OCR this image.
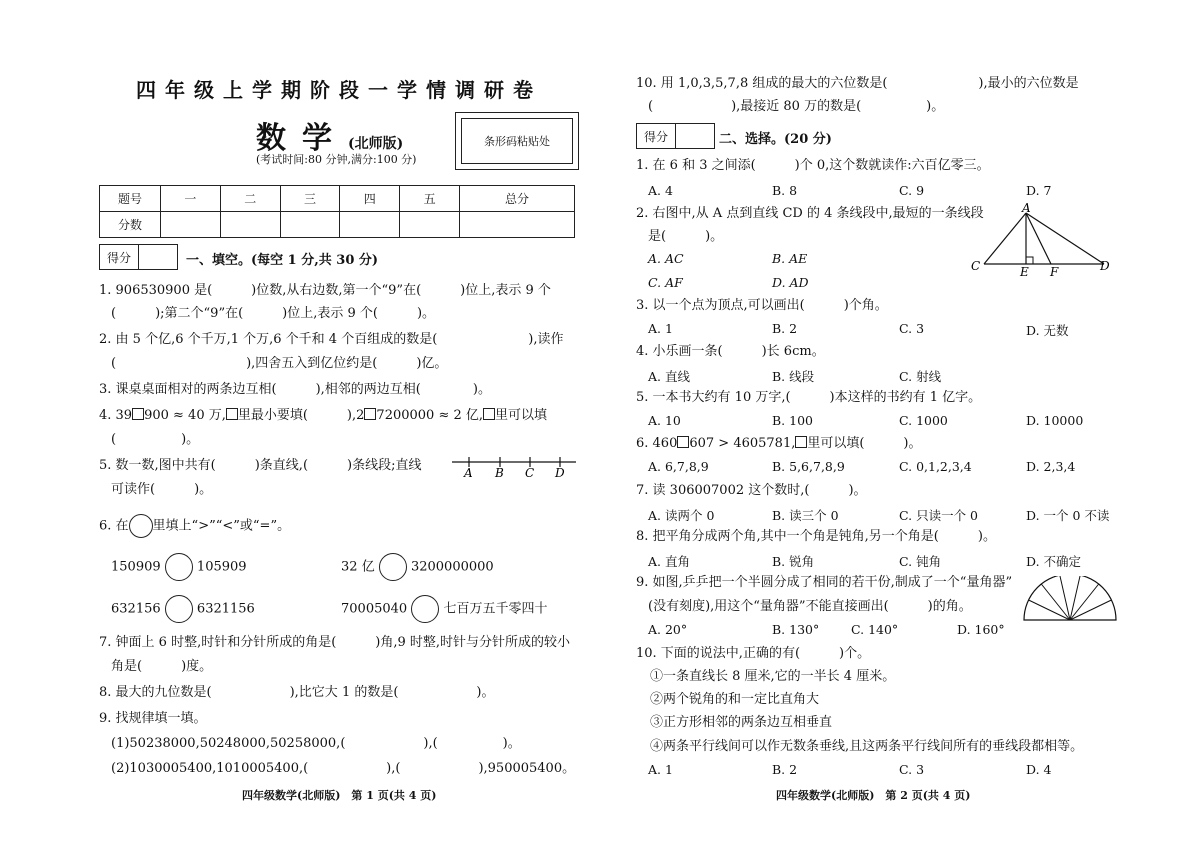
四年级上学期阶段一学情调研卷
数学(北师版)
(考试时间:80 分钟,满分:100 分)
条形码粘贴处
题号	一	二	三	四	五	总分
分数						
得分	一、填空。(每空 1 分,共 30 分)
1. 906530900 是(　　　)位数,从右边数,第一个“9”在(　　　)位上,表示 9 个
(　　　);第二个“9”在(　　　)位上,表示 9 个(　　　)。
2. 由 5 个亿,6 个千万,1 个万,6 个千和 4 个百组成的数是(　　　　　　　),读作
(　　　　　　　　　　),四舍五入到亿位约是(　　　)亿。
3. 课桌桌面相对的两条边互相(　　　),相邻的两边互相(　　　　)。
4. 39 900 ≈ 40 万, 里最小要填(　　　),2 7200000 ≈ 2 亿, 里可以填
(　　　　　)。
5. 数一数,图中共有(　　　)条直线,(　　　)条线段;直线	A B C D
可读作(　　　)。
6. 在 里填上“>”“<”或“=”。
150909	105909	32 亿	3200000000
632156	6321156	70005040	七百万五千零四十
7. 钟面上 6 时整,时针和分针所成的角是(　　　)角,9 时整,时针与分针所成的较小
角是(　　　)度。
8. 最大的九位数是(　　　　　　),比它大 1 的数是(　　　　　　)。
9. 找规律填一填。
(1)50238000,50248000,50258000,(　　　　　　),(　　　　　)。
(2)1030005400,1010005400,(　　　　　　),(　　　　　　),950005400。
四年级数学(北师版)　第 1 页(共 4 页)
10. 用 1,0,3,5,7,8 组成的最大的六位数是(　　　　　　　),最小的六位数是
(　　　　　　),最接近 80 万的数是(　　　　　)。
得分	二、选择。(20 分)
1. 在 6 和 3 之间添(　　　)个 0,这个数就读作:六百亿零三。
A. 4	B. 8	C. 9	D. 7
2. 右图中,从 A 点到直线 CD 的 4 条线段中,最短的一条线段
是(　　　)。
A. AC	B. AE
C. AF	D. AD
A
C	E F	D
3. 以一个点为顶点,可以画出(　　　)个角。
A. 1	B. 2	C. 3	D. 无数
4. 小乐画一条(　　　)长 6cm。
A. 直线	B. 线段	C. 射线
5. 一本书大约有 10 万字,(　　　)本这样的书约有 1 亿字。
A. 10	B. 100	C. 1000	D. 10000
6. 460 607 > 4605781, 里可以填(　　　)。
A. 6,7,8,9	B. 5,6,7,8,9	C. 0,1,2,3,4	D. 2,3,4
7. 读 306007002 这个数时,(　　　)。
A. 读两个 0	B. 读三个 0	C. 只读一个 0	D. 一个 0 不读
8. 把平角分成两个角,其中一个角是钝角,另一个角是(　　　)。
A. 直角	B. 锐角	C. 钝角	D. 不确定
9. 如图,乒乒把一个半圆分成了相同的若干份,制成了一个“量角器”
(没有刻度),用这个“量角器”不能直接画出(　　　)的角。
A. 20°	B. 130°	C. 140°	D. 160°
10. 下面的说法中,正确的有(　　　)个。
①一条直线长 8 厘米,它的一半长 4 厘米。
②两个锐角的和一定比直角大
③正方形相邻的两条边互相垂直
④两条平行线间可以作无数条垂线,且这两条平行线间所有的垂线段都相等。
A. 1	B. 2	C. 3	D. 4
四年级数学(北师版)　第 2 页(共 4 页)
